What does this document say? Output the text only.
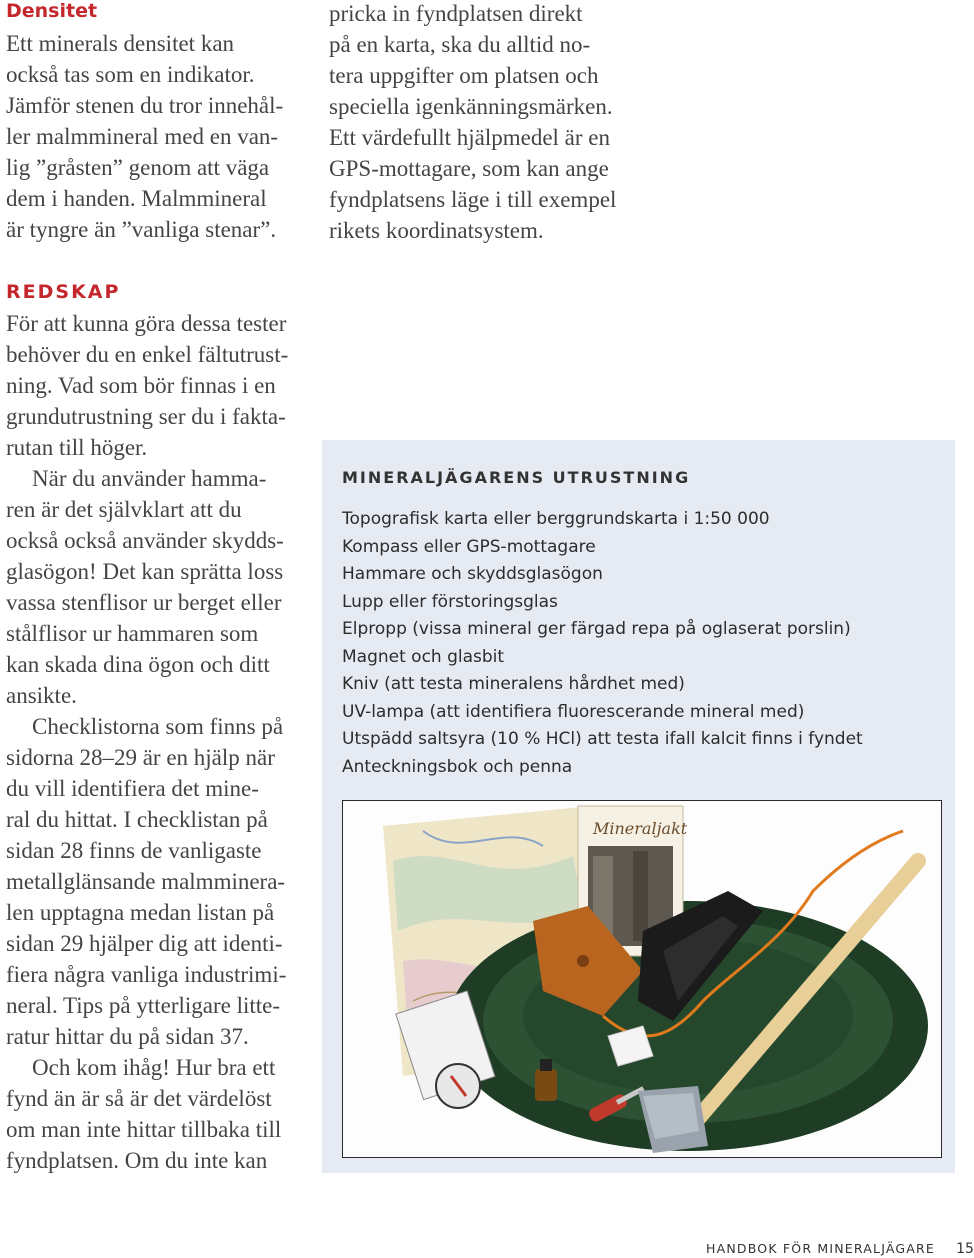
Densitet
Ett minerals densitet kan
också tas som en indikator.
Jämför stenen du tror innehål-
ler malmmineral med en van-
lig ”gråsten” genom att väga
dem i handen. Malmmineral
är tyngre än ”vanliga stenar”.
pricka in fyndplatsen direkt
på en karta, ska du alltid no-
tera uppgifter om platsen och
speciella igenkänningsmärken.
Ett värdefullt hjälpmedel är en
GPS-mottagare, som kan ange
fyndplatsens läge i till exempel
rikets koordinatsystem.
REDSKAP
För att kunna göra dessa tester
behöver du en enkel fältutrust-
ning. Vad som bör finnas i en
grundutrustning ser du i fakta-
rutan till höger.
När du använder hamma-
ren är det självklart att du
också också använder skydds-
glasögon! Det kan sprätta loss
vassa stenflisor ur berget eller
stålflisor ur hammaren som
kan skada dina ögon och ditt
ansikte.
Checklistorna som finns på
sidorna 28–29 är en hjälp när
du vill identifiera det mine-
ral du hittat. I checklistan på
sidan 28 finns de vanligaste
metallglänsande malmminera-
len upptagna medan listan på
sidan 29 hjälper dig att identi-
fiera några vanliga industrimi-
neral. Tips på ytterligare litte-
ratur hittar du på sidan 37.
Och kom ihåg! Hur bra ett
fynd än är så är det värdelöst
om man inte hittar tillbaka till
fyndplatsen. Om du inte kan
MINERALJÄGARENS UTRUSTNING
Topografisk karta eller berggrundskarta i 1:50 000
Kompass eller GPS-mottagare
Hammare och skyddsglasögon
Lupp eller förstoringsglas
Elpropp (vissa mineral ger färgad repa på oglaserat porslin)
Magnet och glasbit
Kniv (att testa mineralens hårdhet med)
UV-lampa (att identifiera fluorescerande mineral med)
Utspädd saltsyra (10 % HCl) att testa ifall kalcit finns i fyndet
Anteckningsbok och penna
Mineraljakt
HANDBOK FÖR MINERALJÄGARE 15
